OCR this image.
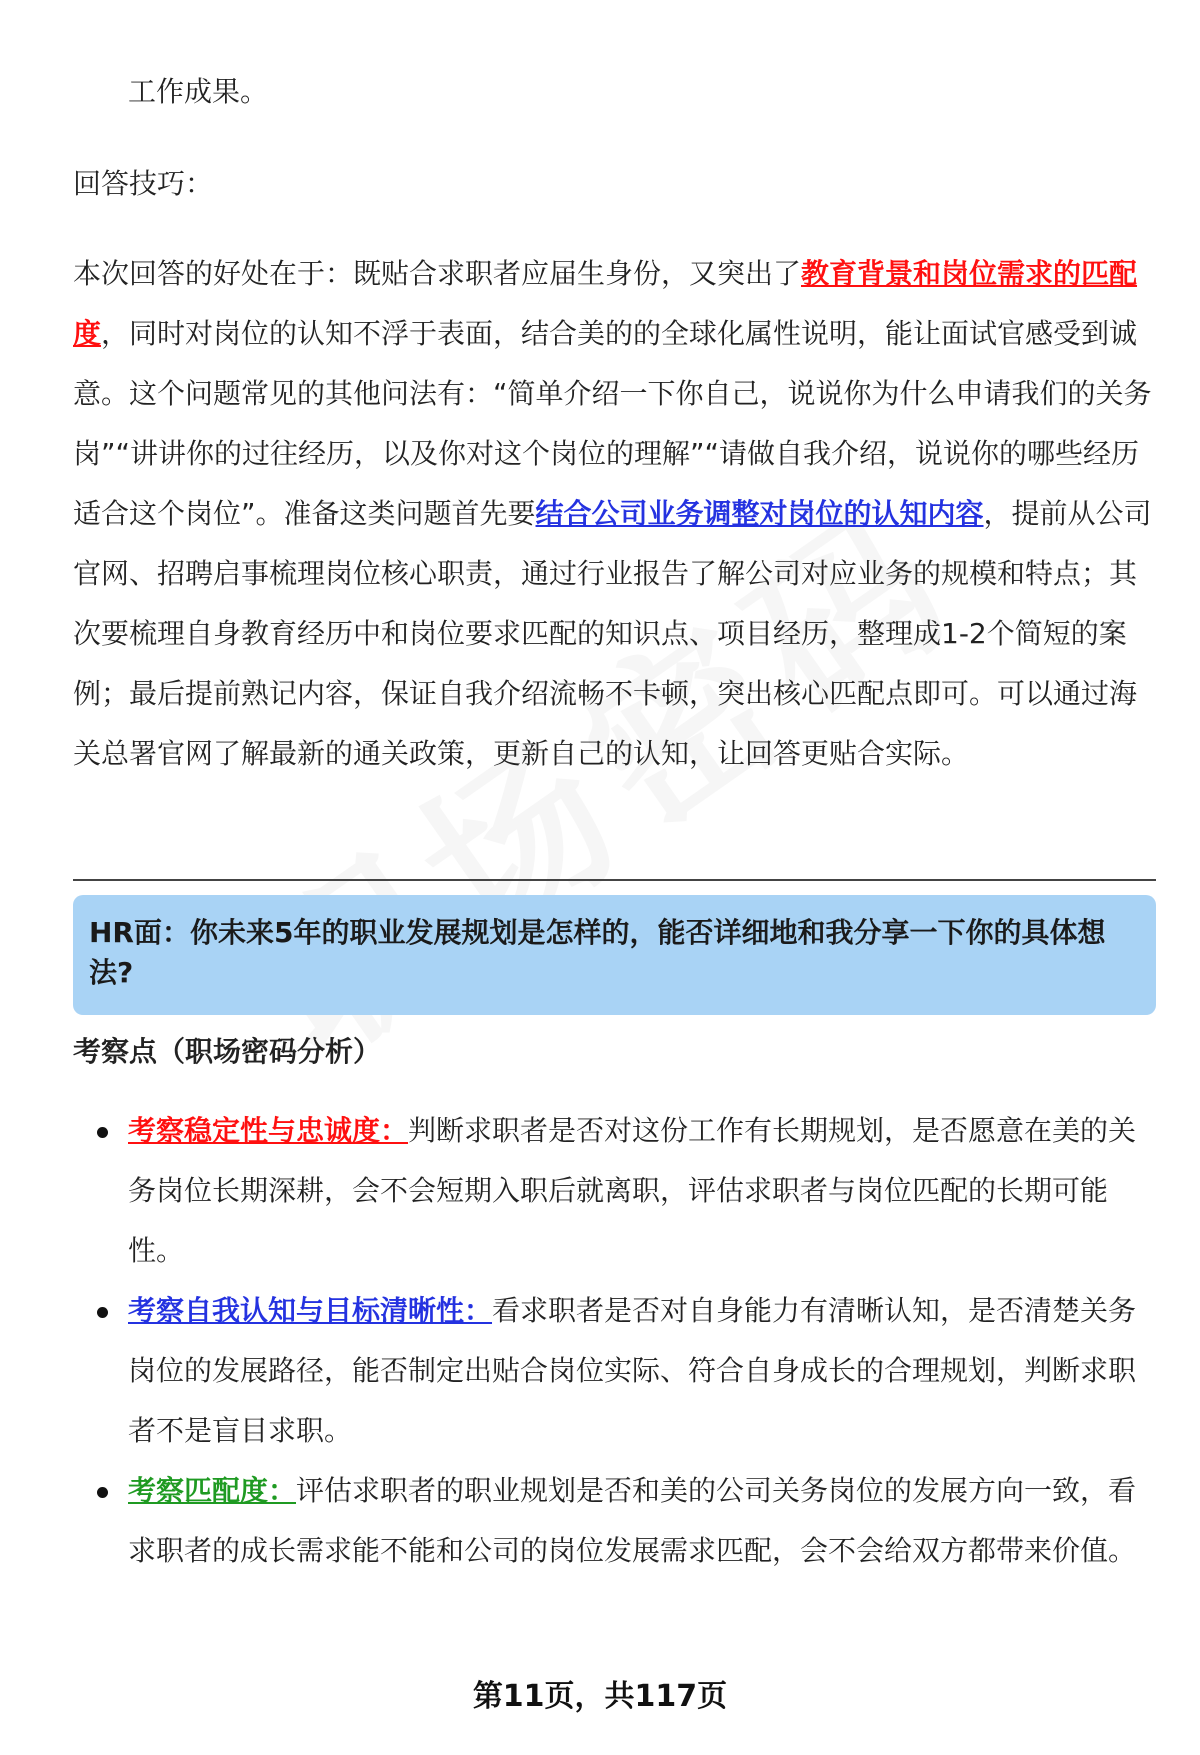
工作成果。

回答技巧：

本次回答的好处在于：既贴合求职者应届生身份，又突出了教育背景和岗位需求的匹配度，同时对岗位的认知不浮于表面，结合美的的全球化属性说明，能让面试官感受到诚意。这个问题常见的其他问法有：“简单介绍一下你自己，说说你为什么申请我们的关务岗”“讲讲你的过往经历，以及你对这个岗位的理解”“请做自我介绍，说说你的哪些经历适合这个岗位”。准备这类问题首先要结合公司业务调整对岗位的认知内容，提前从公司官网、招聘启事梳理岗位核心职责，通过行业报告了解公司对应业务的规模和特点；其次要梳理自身教育经历中和岗位要求匹配的知识点、项目经历，整理成1-2个简短的案例；最后提前熟记内容，保证自我介绍流畅不卡顿，突出核心匹配点即可。可以通过海关总署官网了解最新的通关政策，更新自己的认知，让回答更贴合实际。

HR面：你未来5年的职业发展规划是怎样的，能否详细地和我分享一下你的具体想法?
考察点（职场密码分析）
考察稳定性与忠诚度：判断求职者是否对这份工作有长期规划，是否愿意在美的关务岗位长期深耕，会不会短期入职后就离职，评估求职者与岗位匹配的长期可能性。
考察自我认知与目标清晰性：看求职者是否对自身能力有清晰认知，是否清楚关务岗位的发展路径，能否制定出贴合岗位实际、符合自身成长的合理规划，判断求职者不是盲目求职。
考察匹配度：评估求职者的职业规划是否和美的公司关务岗位的发展方向一致，看求职者的成长需求能不能和公司的岗位发展需求匹配，会不会给双方都带来价值。
第11页，共117页
